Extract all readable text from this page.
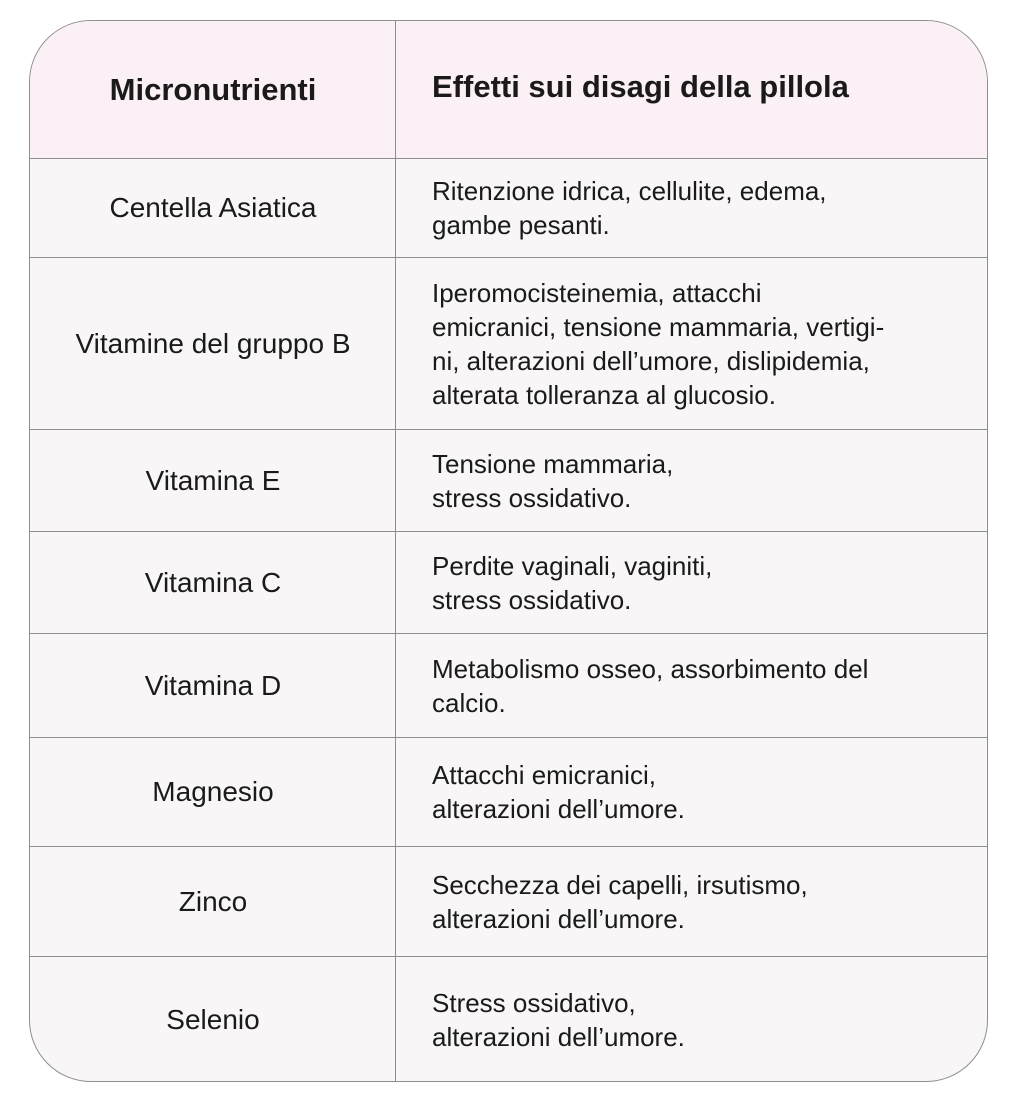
Micronutrienti	Effetti sui disagi della pillola
Centella Asiatica
Ritenzione idrica, cellulite, edema,
gambe pesanti.
Vitamine del gruppo B
Iperomocisteinemia, attacchi
emicranici, tensione mammaria, vertigi-
ni, alterazioni dell’umore, dislipidemia,
alterata tolleranza al glucosio.
Vitamina E
Tensione mammaria,
stress ossidativo.
Vitamina C
Perdite vaginali, vaginiti,
stress ossidativo.
Vitamina D
Metabolismo osseo, assorbimento del
calcio.
Magnesio
Attacchi emicranici,
alterazioni dell’umore.
Zinco
Secchezza dei capelli, irsutismo,
alterazioni dell’umore.
Selenio
Stress ossidativo,
alterazioni dell’umore.
